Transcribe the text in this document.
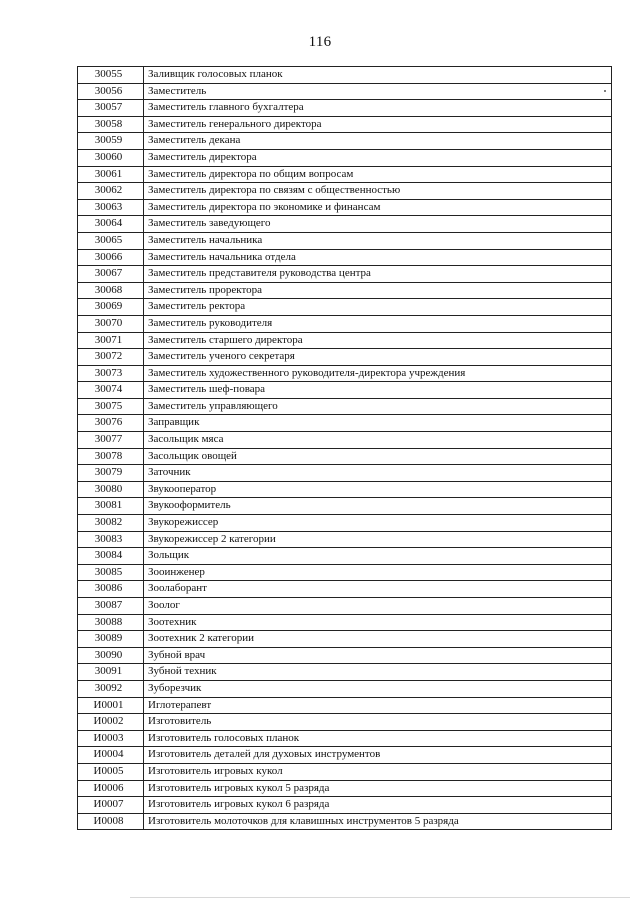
116
30055	Заливщик голосовых планок
30056	Заместитель
30057	Заместитель главного бухгалтера
30058	Заместитель генерального директора
30059	Заместитель декана
30060	Заместитель директора
30061	Заместитель директора по общим вопросам
30062	Заместитель директора по связям с общественностью
30063	Заместитель директора по экономике и финансам
30064	Заместитель заведующего
30065	Заместитель начальника
30066	Заместитель начальника отдела
30067	Заместитель представителя руководства центра
30068	Заместитель проректора
30069	Заместитель ректора
30070	Заместитель руководителя
30071	Заместитель старшего директора
30072	Заместитель ученого секретаря
30073	Заместитель художественного руководителя-директора учреждения
30074	Заместитель шеф-повара
30075	Заместитель управляющего
30076	Заправщик
30077	Засольщик мяса
30078	Засольщик овощей
30079	Заточник
30080	Звукооператор
30081	Звукооформитель
30082	Звукорежиссер
30083	Звукорежиссер 2 категории
30084	Зольщик
30085	Зооинженер
30086	Зоолаборант
30087	Зоолог
30088	Зоотехник
30089	Зоотехник 2 категории
30090	Зубной врач
30091	Зубной техник
30092	Зуборезчик
И0001	Иглотерапевт
И0002	Изготовитель
И0003	Изготовитель голосовых планок
И0004	Изготовитель деталей для духовых инструментов
И0005	Изготовитель игровых кукол
И0006	Изготовитель игровых кукол 5 разряда
И0007	Изготовитель игровых кукол 6 разряда
И0008	Изготовитель молоточков для клавишных инструментов 5 разряда
